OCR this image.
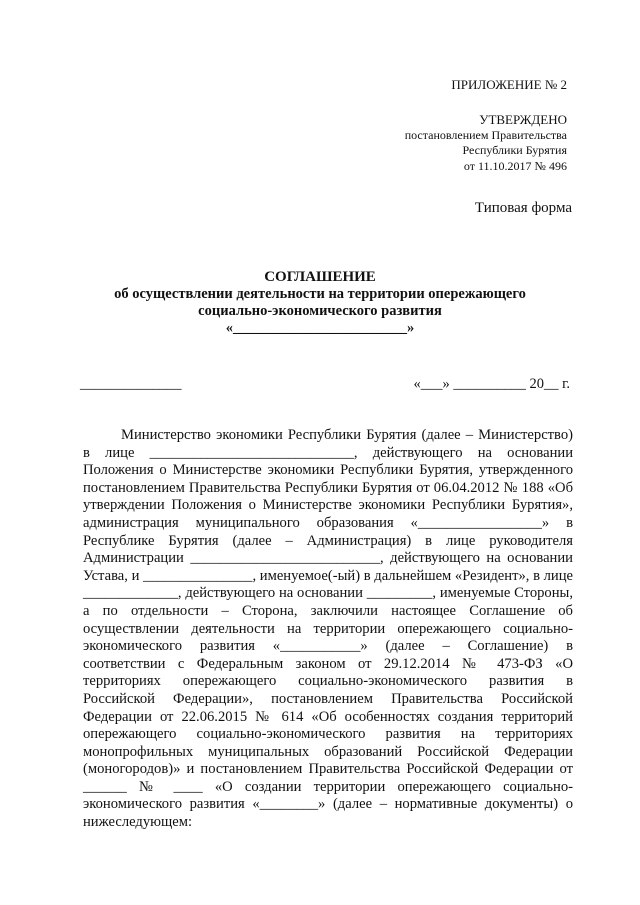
ПРИЛОЖЕНИЕ № 2
УТВЕРЖДЕНО
постановлением Правительства
Республики Бурятия
от 11.10.2017 № 496
Типовая форма
СОГЛАШЕНИЕ
об осуществлении деятельности на территории опережающего
социально-экономического развития
«________________________»
______________	«___» __________ 20__ г.

Министерство экономики Республики Бурятия (далее – Министерство) в лице ____________________________, действующего на основании Положения о Министерстве экономики Республики Бурятия, утвержденного постановлением Правительства Республики Бурятия от 06.04.2012 № 188 «Об утверждении Положения о Министерстве экономики Республики Бурятия», администрация муниципального образования «_________________» в Республике Бурятия (далее – Администрация) в лице руководителя Администрации __________________________, действующего на основании Устава, и _______________, именуемое(-ый) в дальнейшем «Резидент», в лице _____________, действующего на основании _________, именуемые Стороны, а по отдельности – Сторона, заключили настоящее Соглашение об осуществлении деятельности на территории опережающего социально-экономического развития «___________» (далее – Соглашение) в соответствии с Федеральным законом от 29.12.2014 № 473-ФЗ «О территориях опережающего социально-экономического развития в Российской Федерации», постановлением Правительства Российской Федерации от 22.06.2015 № 614 «Об особенностях создания территорий опережающего социально-экономического развития на территориях монопрофильных муниципальных образований Российской Федерации (моногородов)» и постановлением Правительства Российской Федерации от ______ № ____ «О создании территории опережающего социально-экономического развития «________» (далее – нормативные документы) о нижеследующем:
